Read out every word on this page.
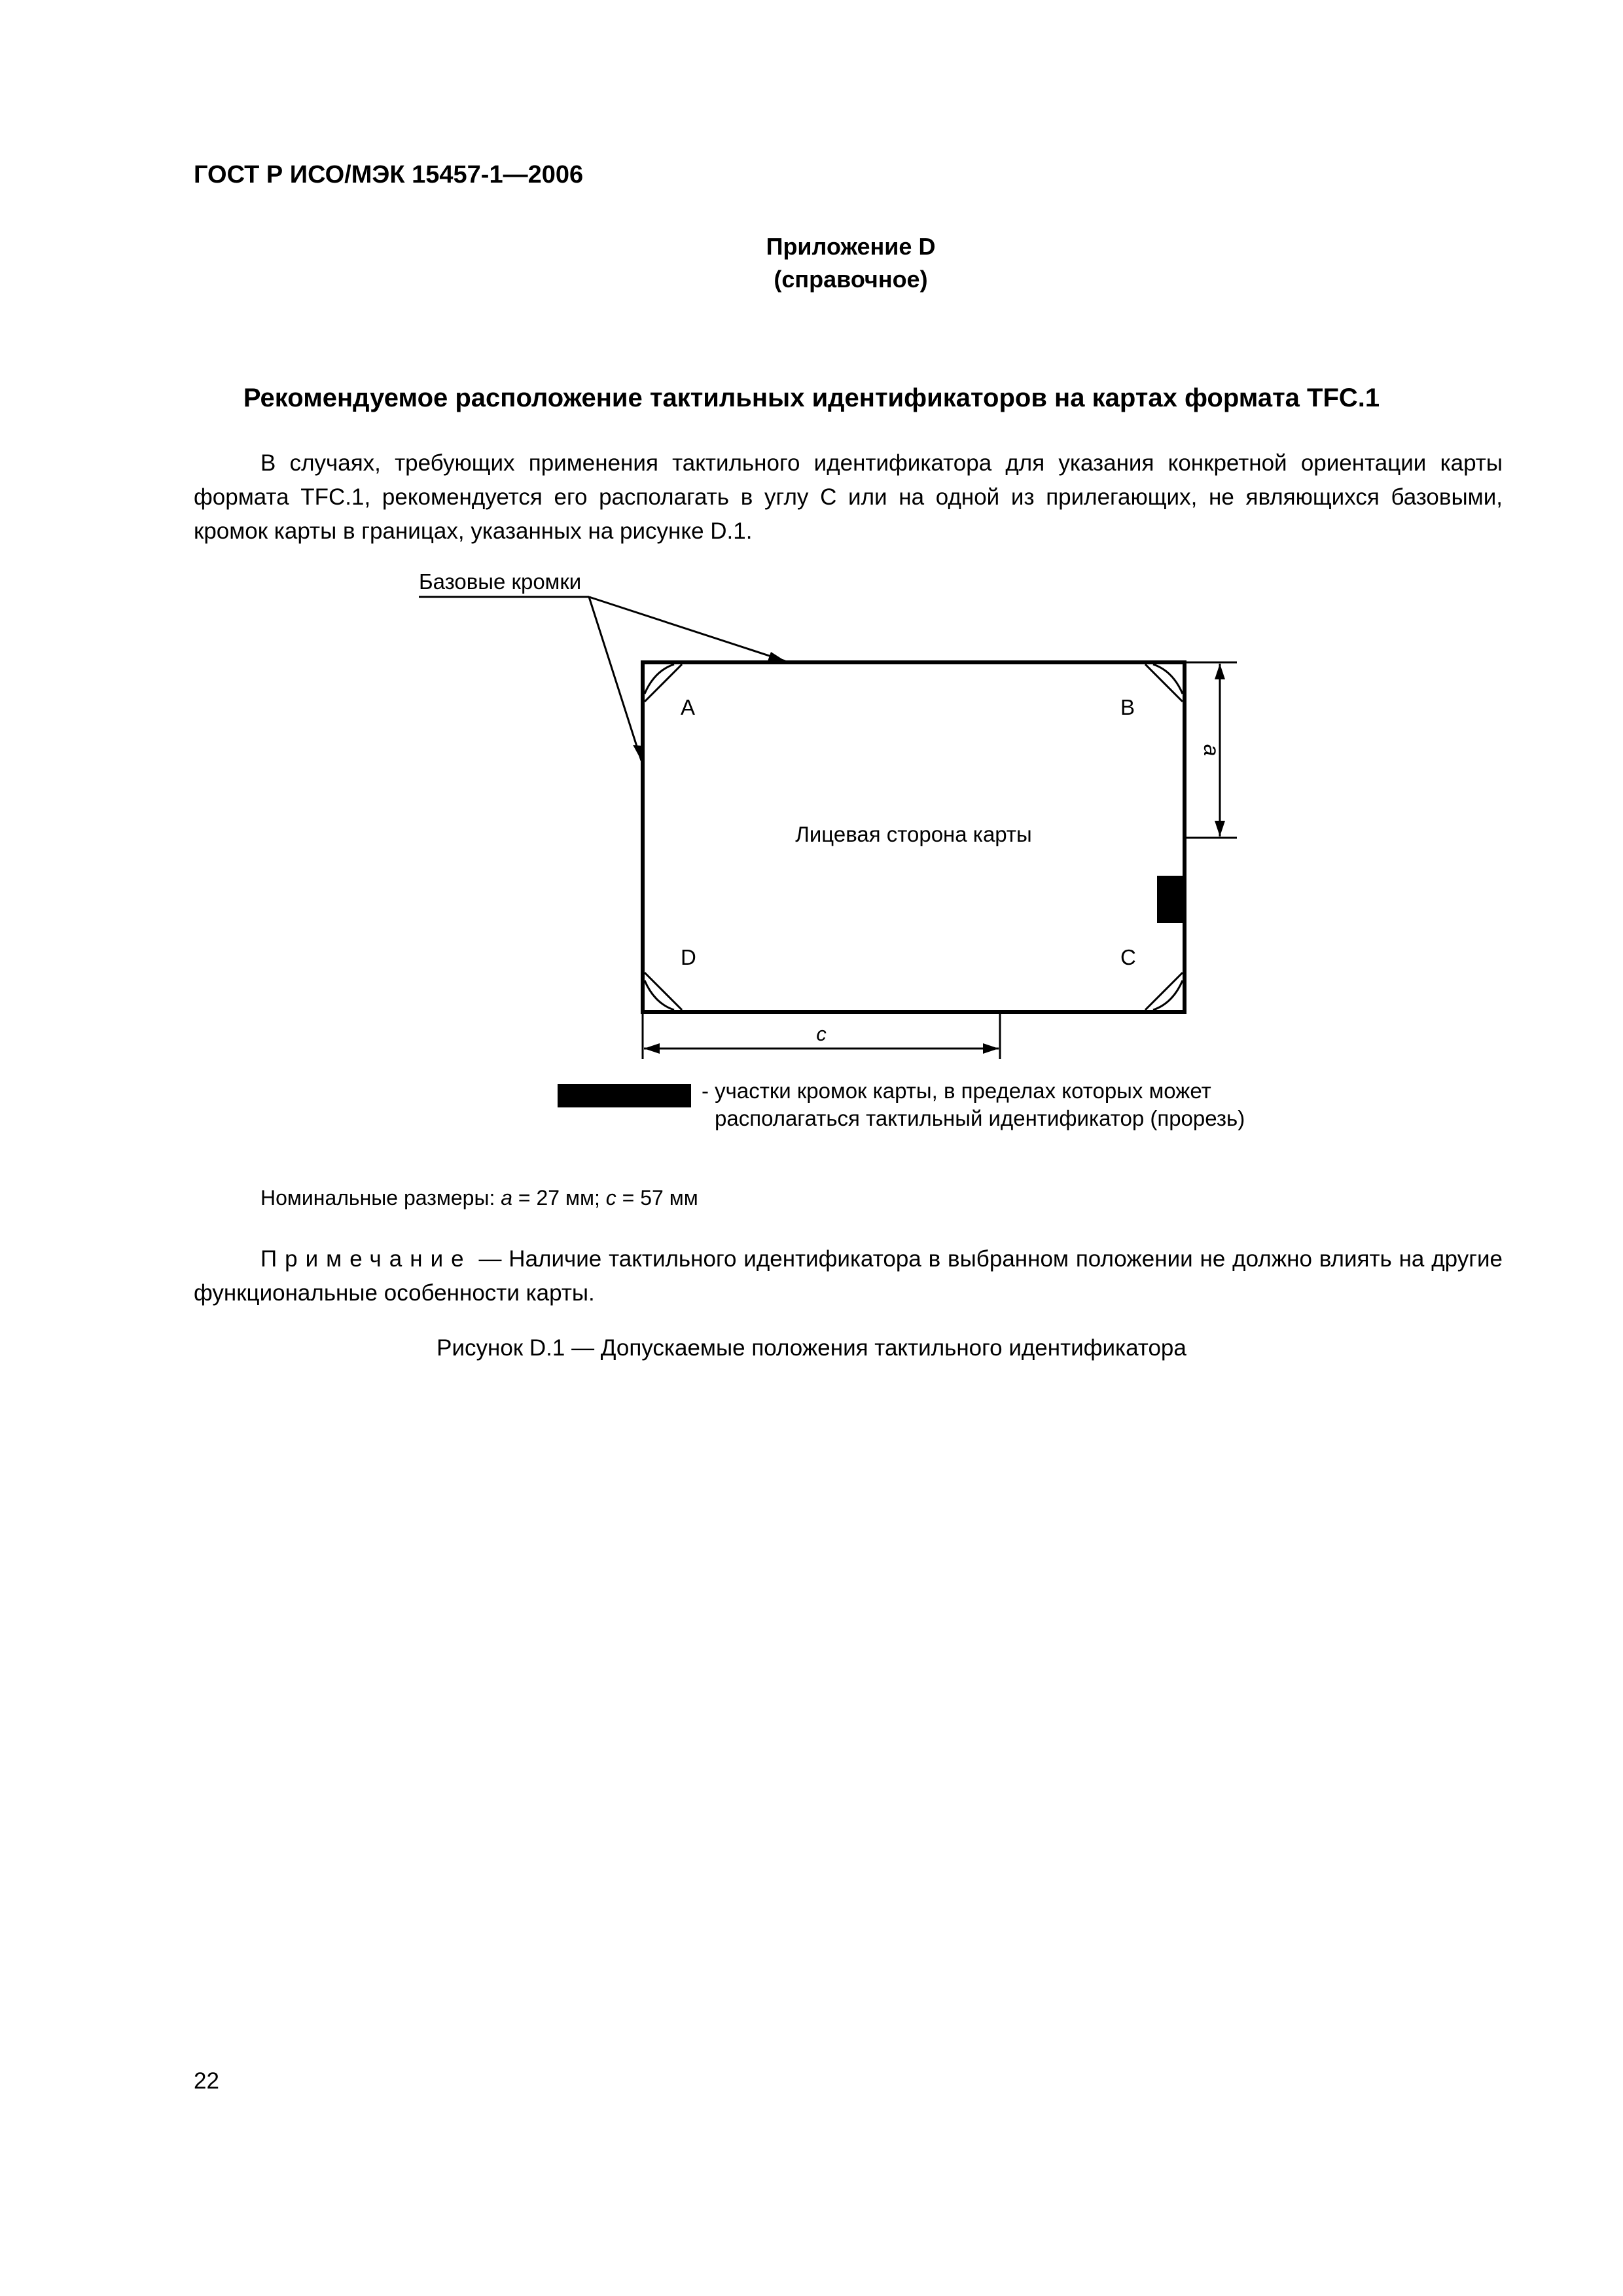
ГОСТ Р ИСО/МЭК 15457-1—2006
Приложение D
(справочное)
Рекомендуемое расположение тактильных идентификаторов на картах формата TFC.1
В случаях, требующих применения тактильного идентификатора для указания конкретной ориентации карты формата TFC.1, рекомендуется его располагать в углу C или на одной из прилегающих, не являющихся базовыми, кромок карты в границах, указанных на рисунке D.1.
Базовые кромки
A	B
D	C
Лицевая сторона карты
a
c
- участки кромок карты, в пределах которых может
располагаться тактильный идентификатор (прорезь)
Номинальные размеры: a = 27 мм; c = 57 мм
Примечание — Наличие тактильного идентификатора в выбранном положении не должно влиять на другие функциональные особенности карты.
Рисунок D.1 — Допускаемые положения тактильного идентификатора
22
